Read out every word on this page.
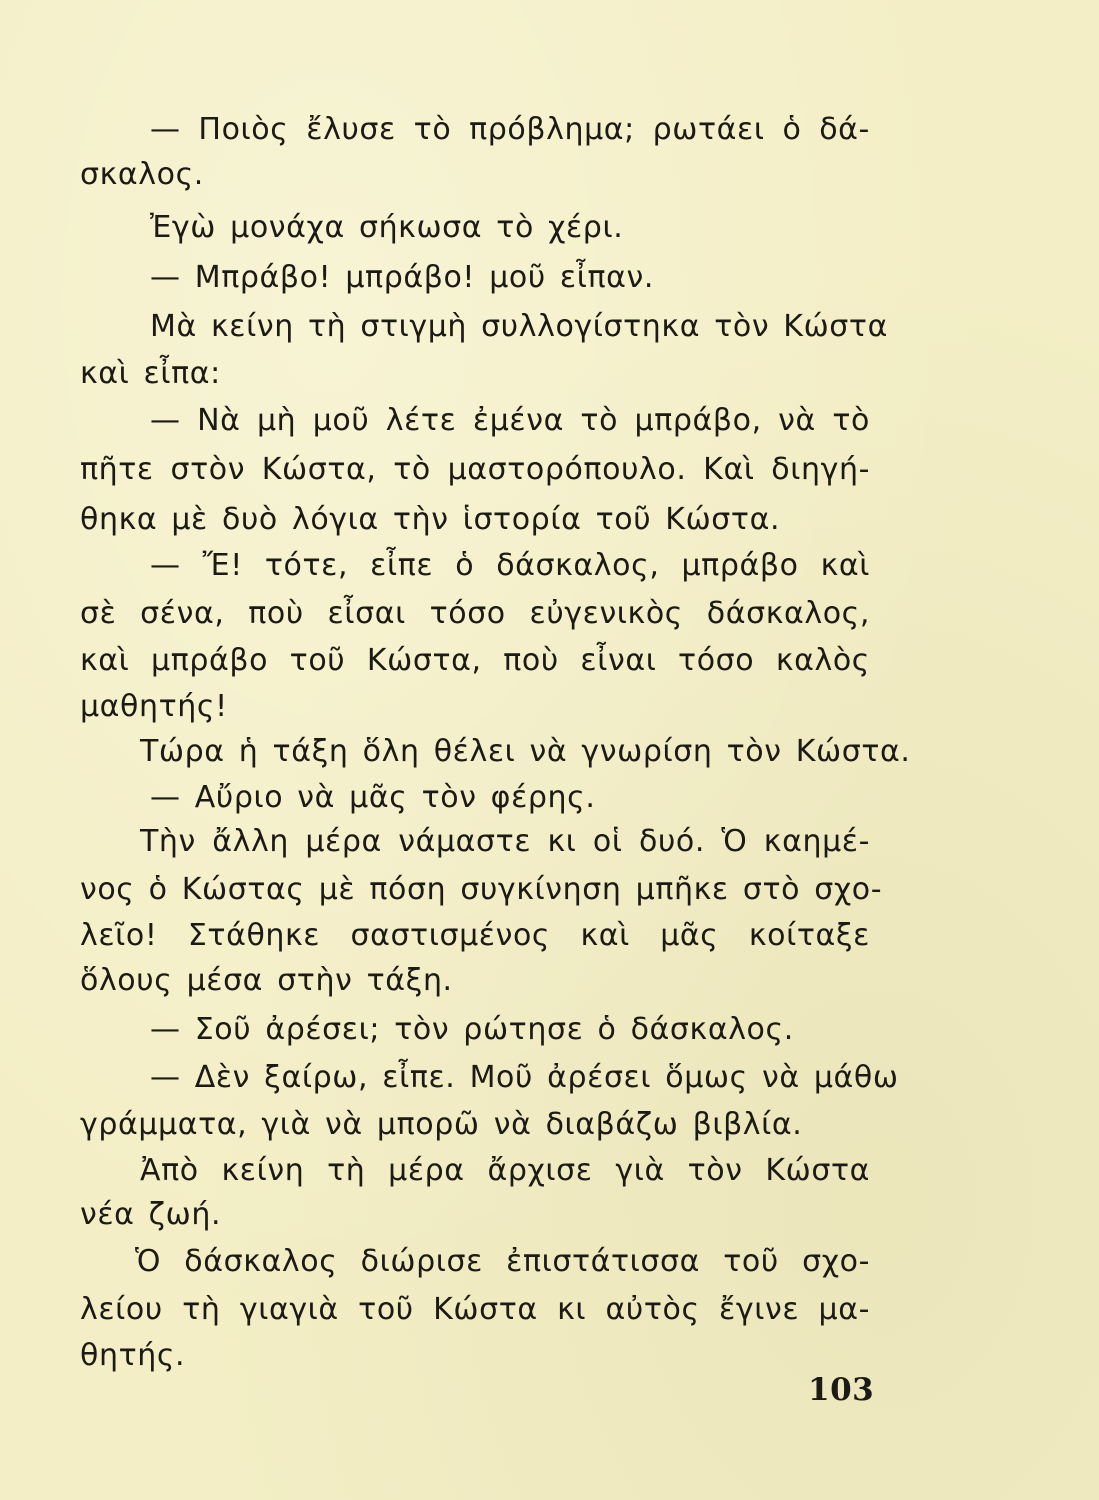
— Ποιὸς ἔλυσε τὸ πρόβλημα; ρωτάει ὁ δά-
σκαλος.
Ἐγὼ μονάχα σήκωσα τὸ χέρι.
— Μπράβο! μπράβο! μοῦ εἶπαν.
Μὰ κείνη τὴ στιγμὴ συλλογίστηκα τὸν Κώστα
καὶ εἶπα:
— Νὰ μὴ μοῦ λέτε ἐμένα τὸ μπράβο, νὰ τὸ
πῆτε στὸν Κώστα, τὸ μαστορόπουλο. Καὶ διηγή-
θηκα μὲ δυὸ λόγια τὴν ἱστορία τοῦ Κώστα.
— Ἔ! τότε, εἶπε ὁ δάσκαλος, μπράβο καὶ
σὲ σένα, ποὺ εἶσαι τόσο εὐγενικὸς δάσκαλος,
καὶ μπράβο τοῦ Κώστα, ποὺ εἶναι τόσο καλὸς
μαθητής!
Τώρα ἡ τάξη ὅλη θέλει νὰ γνωρίση τὸν Κώστα.
— Αὔριο νὰ μᾶς τὸν φέρης.
Τὴν ἄλλη μέρα νάμαστε κι οἱ δυό. Ὁ καημέ-
νος ὁ Κώστας μὲ πόση συγκίνηση μπῆκε στὸ σχο-
λεῖο! Στάθηκε σαστισμένος καὶ μᾶς κοίταξε
ὅλους μέσα στὴν τάξη.
— Σοῦ ἀρέσει; τὸν ρώτησε ὁ δάσκαλος.
— Δὲν ξαίρω, εἶπε. Μοῦ ἀρέσει ὅμως νὰ μάθω
γράμματα, γιὰ νὰ μπορῶ νὰ διαβάζω βιβλία.
Ἀπὸ κείνη τὴ μέρα ἄρχισε γιὰ τὸν Κώστα
νέα ζωή.
Ὁ δάσκαλος διώρισε ἐπιστάτισσα τοῦ σχο-
λείου τὴ γιαγιὰ τοῦ Κώστα κι αὐτὸς ἔγινε μα-
θητής.
103
